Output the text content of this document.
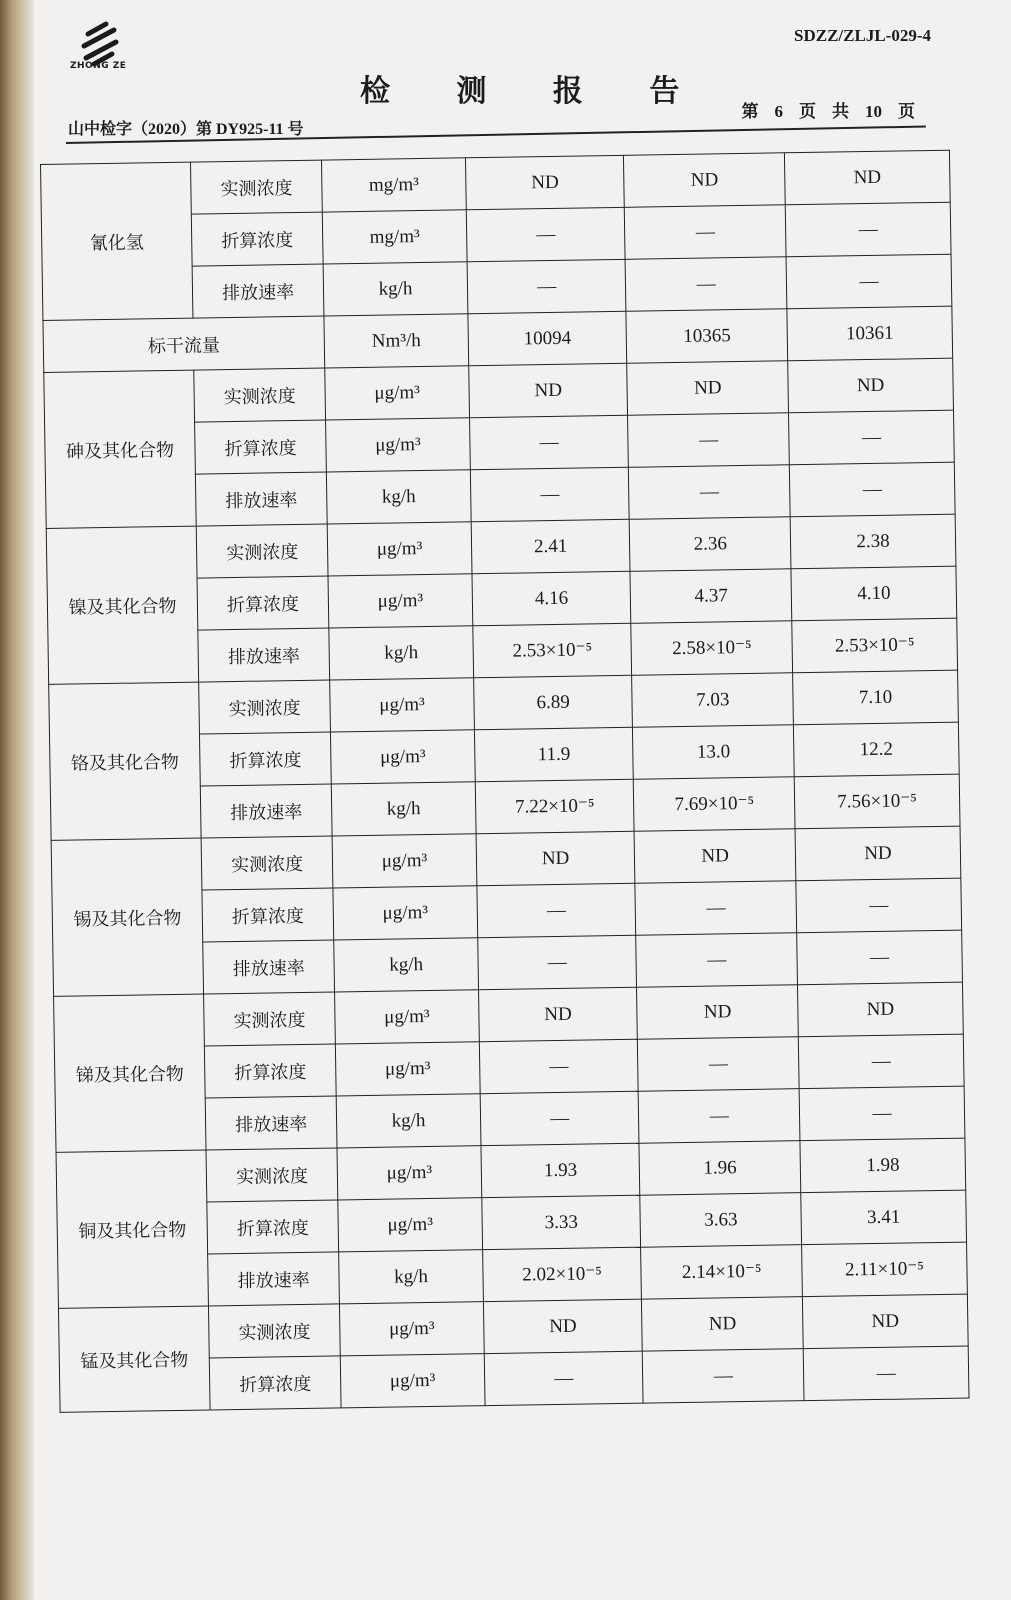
ZHONG ZE
SDZZ/ZLJL-029-4
检 测 报 告
山中检字（2020）第 DY925-11 号
第 6 页 共 10 页
氰化氢	实测浓度	mg/m³	ND	ND	ND
	折算浓度	mg/m³	—	—	—
	排放速率	kg/h	—	—	—
标干流量		Nm³/h	10094	10365	10361
砷及其化合物	实测浓度	μg/m³	ND	ND	ND
	折算浓度	μg/m³	—	—	—
	排放速率	kg/h	—	—	—
镍及其化合物	实测浓度	μg/m³	2.41	2.36	2.38
	折算浓度	μg/m³	4.16	4.37	4.10
	排放速率	kg/h	2.53×10⁻⁵	2.58×10⁻⁵	2.53×10⁻⁵
铬及其化合物	实测浓度	μg/m³	6.89	7.03	7.10
	折算浓度	μg/m³	11.9	13.0	12.2
	排放速率	kg/h	7.22×10⁻⁵	7.69×10⁻⁵	7.56×10⁻⁵
锡及其化合物	实测浓度	μg/m³	ND	ND	ND
	折算浓度	μg/m³	—	—	—
	排放速率	kg/h	—	—	—
锑及其化合物	实测浓度	μg/m³	ND	ND	ND
	折算浓度	μg/m³	—	—	—
	排放速率	kg/h	—	—	—
铜及其化合物	实测浓度	μg/m³	1.93	1.96	1.98
	折算浓度	μg/m³	3.33	3.63	3.41
	排放速率	kg/h	2.02×10⁻⁵	2.14×10⁻⁵	2.11×10⁻⁵
锰及其化合物	实测浓度	μg/m³	ND	ND	ND
	折算浓度	μg/m³	—	—	—
